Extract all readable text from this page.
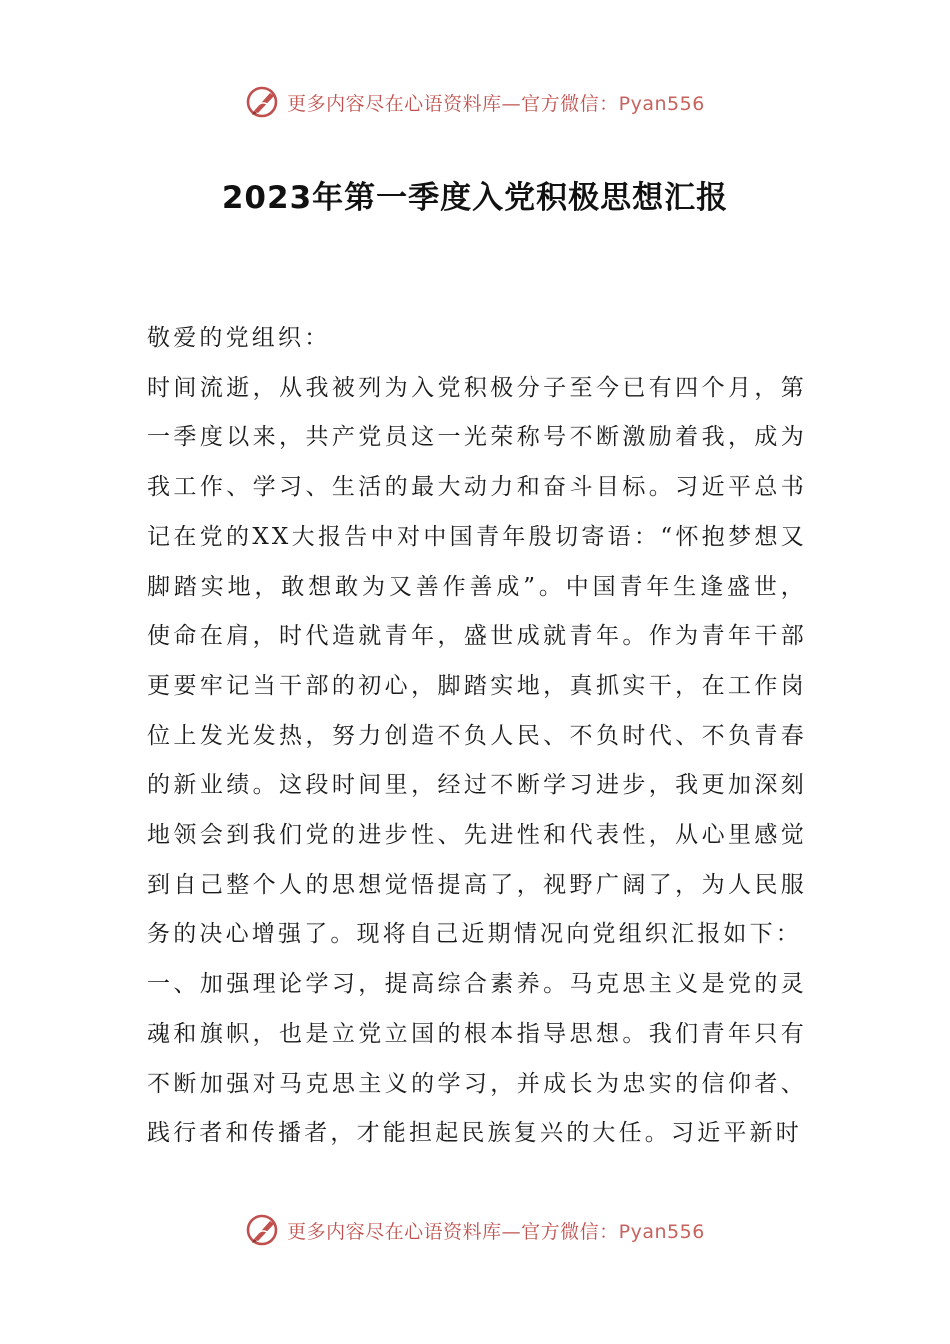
更多内容尽在心语资料库—官方微信：Pyan556
2023年第一季度入党积极思想汇报

敬爱的党组织：

时间流逝，从我被列为入党积极分子至今已有四个月，第一季度以来，共产党员这一光荣称号不断激励着我，成为我工作、学习、生活的最大动力和奋斗目标。习近平总书记在党的XX大报告中对中国青年殷切寄语：“怀抱梦想又脚踏实地，敢想敢为又善作善成”。中国青年生逢盛世，使命在肩，时代造就青年，盛世成就青年。作为青年干部更要牢记当干部的初心，脚踏实地，真抓实干，在工作岗位上发光发热，努力创造不负人民、不负时代、不负青春的新业绩。这段时间里，经过不断学习进步，我更加深刻地领会到我们党的进步性、先进性和代表性，从心里感觉到自己整个人的思想觉悟提高了，视野广阔了，为人民服务的决心增强了。现将自己近期情况向党组织汇报如下：

一、加强理论学习，提高综合素养。马克思主义是党的灵魂和旗帜，也是立党立国的根本指导思想。我们青年只有不断加强对马克思主义的学习，并成长为忠实的信仰者、践行者和传播者，才能担起民族复兴的大任。习近平新时

更多内容尽在心语资料库—官方微信：Pyan556
